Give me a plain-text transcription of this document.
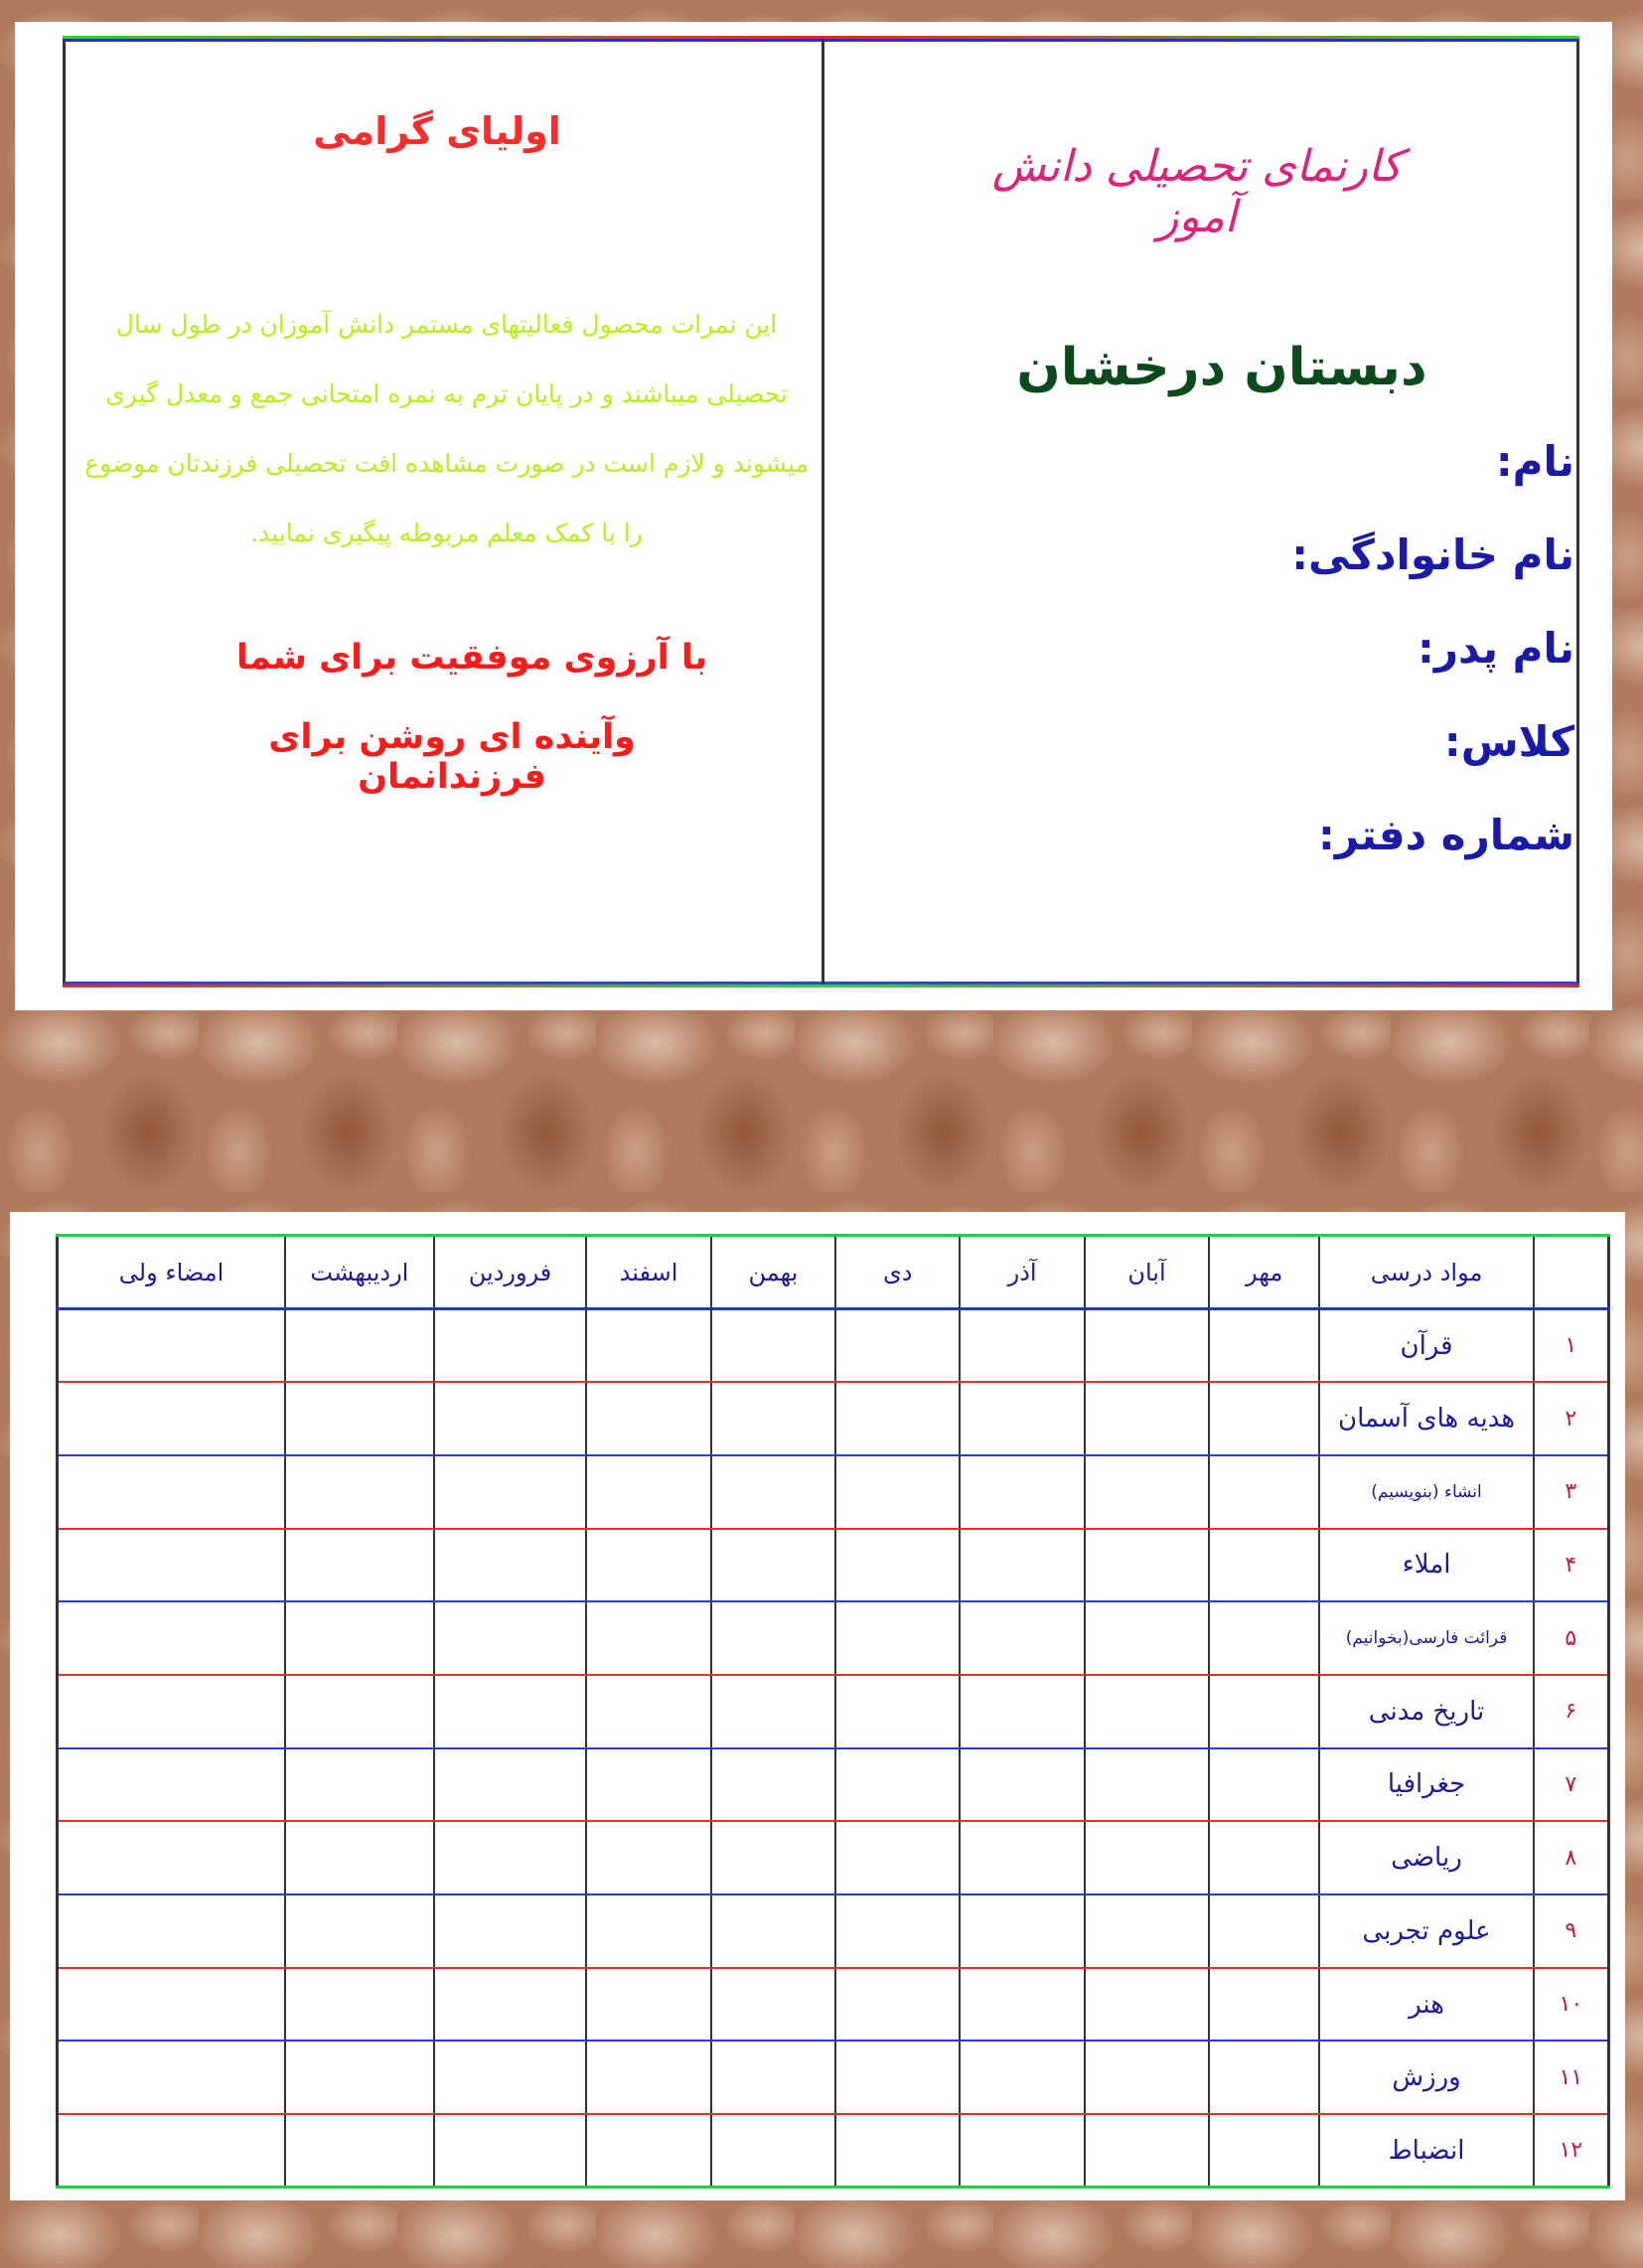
اولیای گرامی
این نمرات محصول فعالیتهای مستمر دانش آموزان در طول سال تحصیلی میباشند و در پایان ترم به نمره امتحانی جمع و معدل گیری میشوند و لازم است در صورت مشاهده افت تحصیلی فرزندتان موضوع را با کمک معلم مربوطه پیگیری نمایید.
با آرزوی موفقیت برای شما
وآینده ای روشن برای فرزندانمان
کارنمای تحصیلی دانش آموز
دبستان درخشان
نام:
نام خانوادگی:
نام پدر:
کلاس:
شماره دفتر:
	مواد درسی	مهر	آبان	آذر	دی	بهمن	اسفند	فروردین	اردیبهشت	امضاء ولی
۱	قرآن									
۲	هدیه های آسمان									
۳	انشاء (بنویسیم)									
۴	املاء									
۵	قرائت فارسی(بخوانیم)									
۶	تاریخ مدنی									
۷	جغرافیا									
۸	ریاضی									
۹	علوم تجربی									
۱۰	هنر									
۱۱	ورزش									
۱۲	انضباط									
